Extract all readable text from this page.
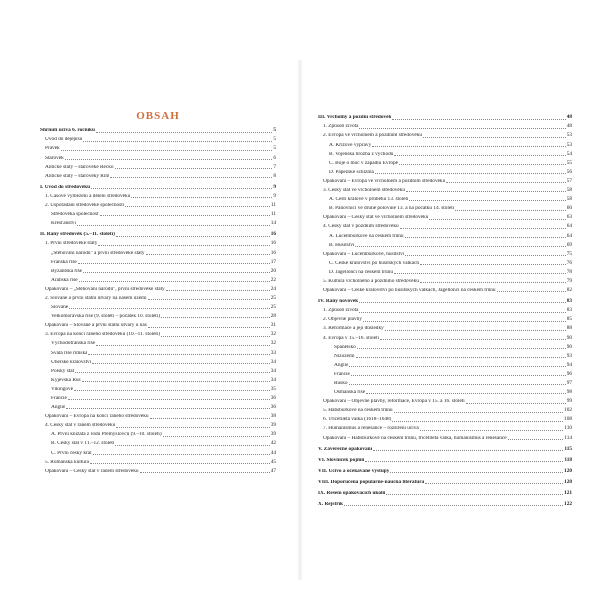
OBSAH
Shrnutí učiva 6. ročníku	5
Úvod do dějepisu	5
Pravěk	5
Starověk	6
Antické státy – starověké Řecko	7
Antické státy – starověký Řím	8
I. Úvod do středověku	9
1. Časové vymezení a dělení středověku	9
2. Uspořádání středověké společnosti	11
Středověká společnost	11
Křesťanství	14
II. Raný středověk (5.–11. století)	16
1. První středověké státy	16
„Stěhování národů" a první středověké státy	16
Franská říše	17
Byzantská říše	20
Arabská říše	22
Opakování – „Stěhování národů", první středověké státy	24
2. Slované a první státní útvary na našem území	25
Slované	25
Velkomoravská říše (9. století – počátek 10. století)	28
Opakování – Slované a první státní útvary u nás	31
3. Evropa na konci raného středověku (10.–11. století)	32
Východofranská říše	32
Svatá říše římská	33
Uherské království	34
Polský stát	34
Kyjevská Rus	34
Vikingové	35
Francie	36
Anglie	36
Opakování – Evropa na konci raného středověku	38
4. Český stát v raném středověku	39
A. První knížata z rodu Přemyslovců (9.–10. století)	39
B. Český stát v 11.–12. století	42
C. První český král	44
5. Románská kultura	45
Opakování – Český stát v raném středověku	47
III. Vrcholný a pozdní středověk	48
1. Způsob života	48
2. Evropa ve vrcholném a pozdním středověku	53
A. Křížové výpravy	53
B. Vojenská hrozba z východu	54
C. Boje o moc v západní Evropě	55
D. Papežské schizma	56
Opakování – Evropa ve vrcholném a pozdním středověku	57
3. Český stát ve vrcholném středověku	58
A. Čeští králové v průběhu 13. století	58
B. Panovníci ve druhé polovině 13. a na počátku 14. století	60
Opakování – Český stát ve vrcholném středověku	63
4. Český stát v pozdním středověku	64
A. Lucemburkové na českém trůnu	64
B. Husitství	69
Opakování – Lucemburkové, husitství	75
C. České království po husitských válkách	76
D. Jagellonci na českém trůnu	78
5. Kultura vrcholného a pozdního středověku	79
Opakování – České království po husitských válkách, Jagellonci na českém trůnu	82
IV. Raný novověk	83
1. Způsob života	83
2. Objevné plavby	85
3. Reformace a její důsledky	88
4. Evropa v 15.–16. století	90
Španělsko	90
Nizozemí	93
Anglie	94
Francie	96
Rusko	97
Osmanská říše	98
Opakování – Objevné plavby, reformace, Evropa v 15. a 16. století	99
5. Habsburkové na českém trůnu	102
6. Třicetiletá válka (1618–1648)	108
7. Humanismus a renesance – rozšíření učiva	110
Opakování – Habsburkové na českém trůnu, třicetiletá válka, humanismus a renesance	114
V. Závěrečné opakování	115
VI. Slovníček pojmů	118
VII. Učivo a očekávané výstupy	120
VIII. Doporučená populárně-naučná literatura	120
IX. Řešení opakovacích úkolů	121
X. Rejstřík	122
